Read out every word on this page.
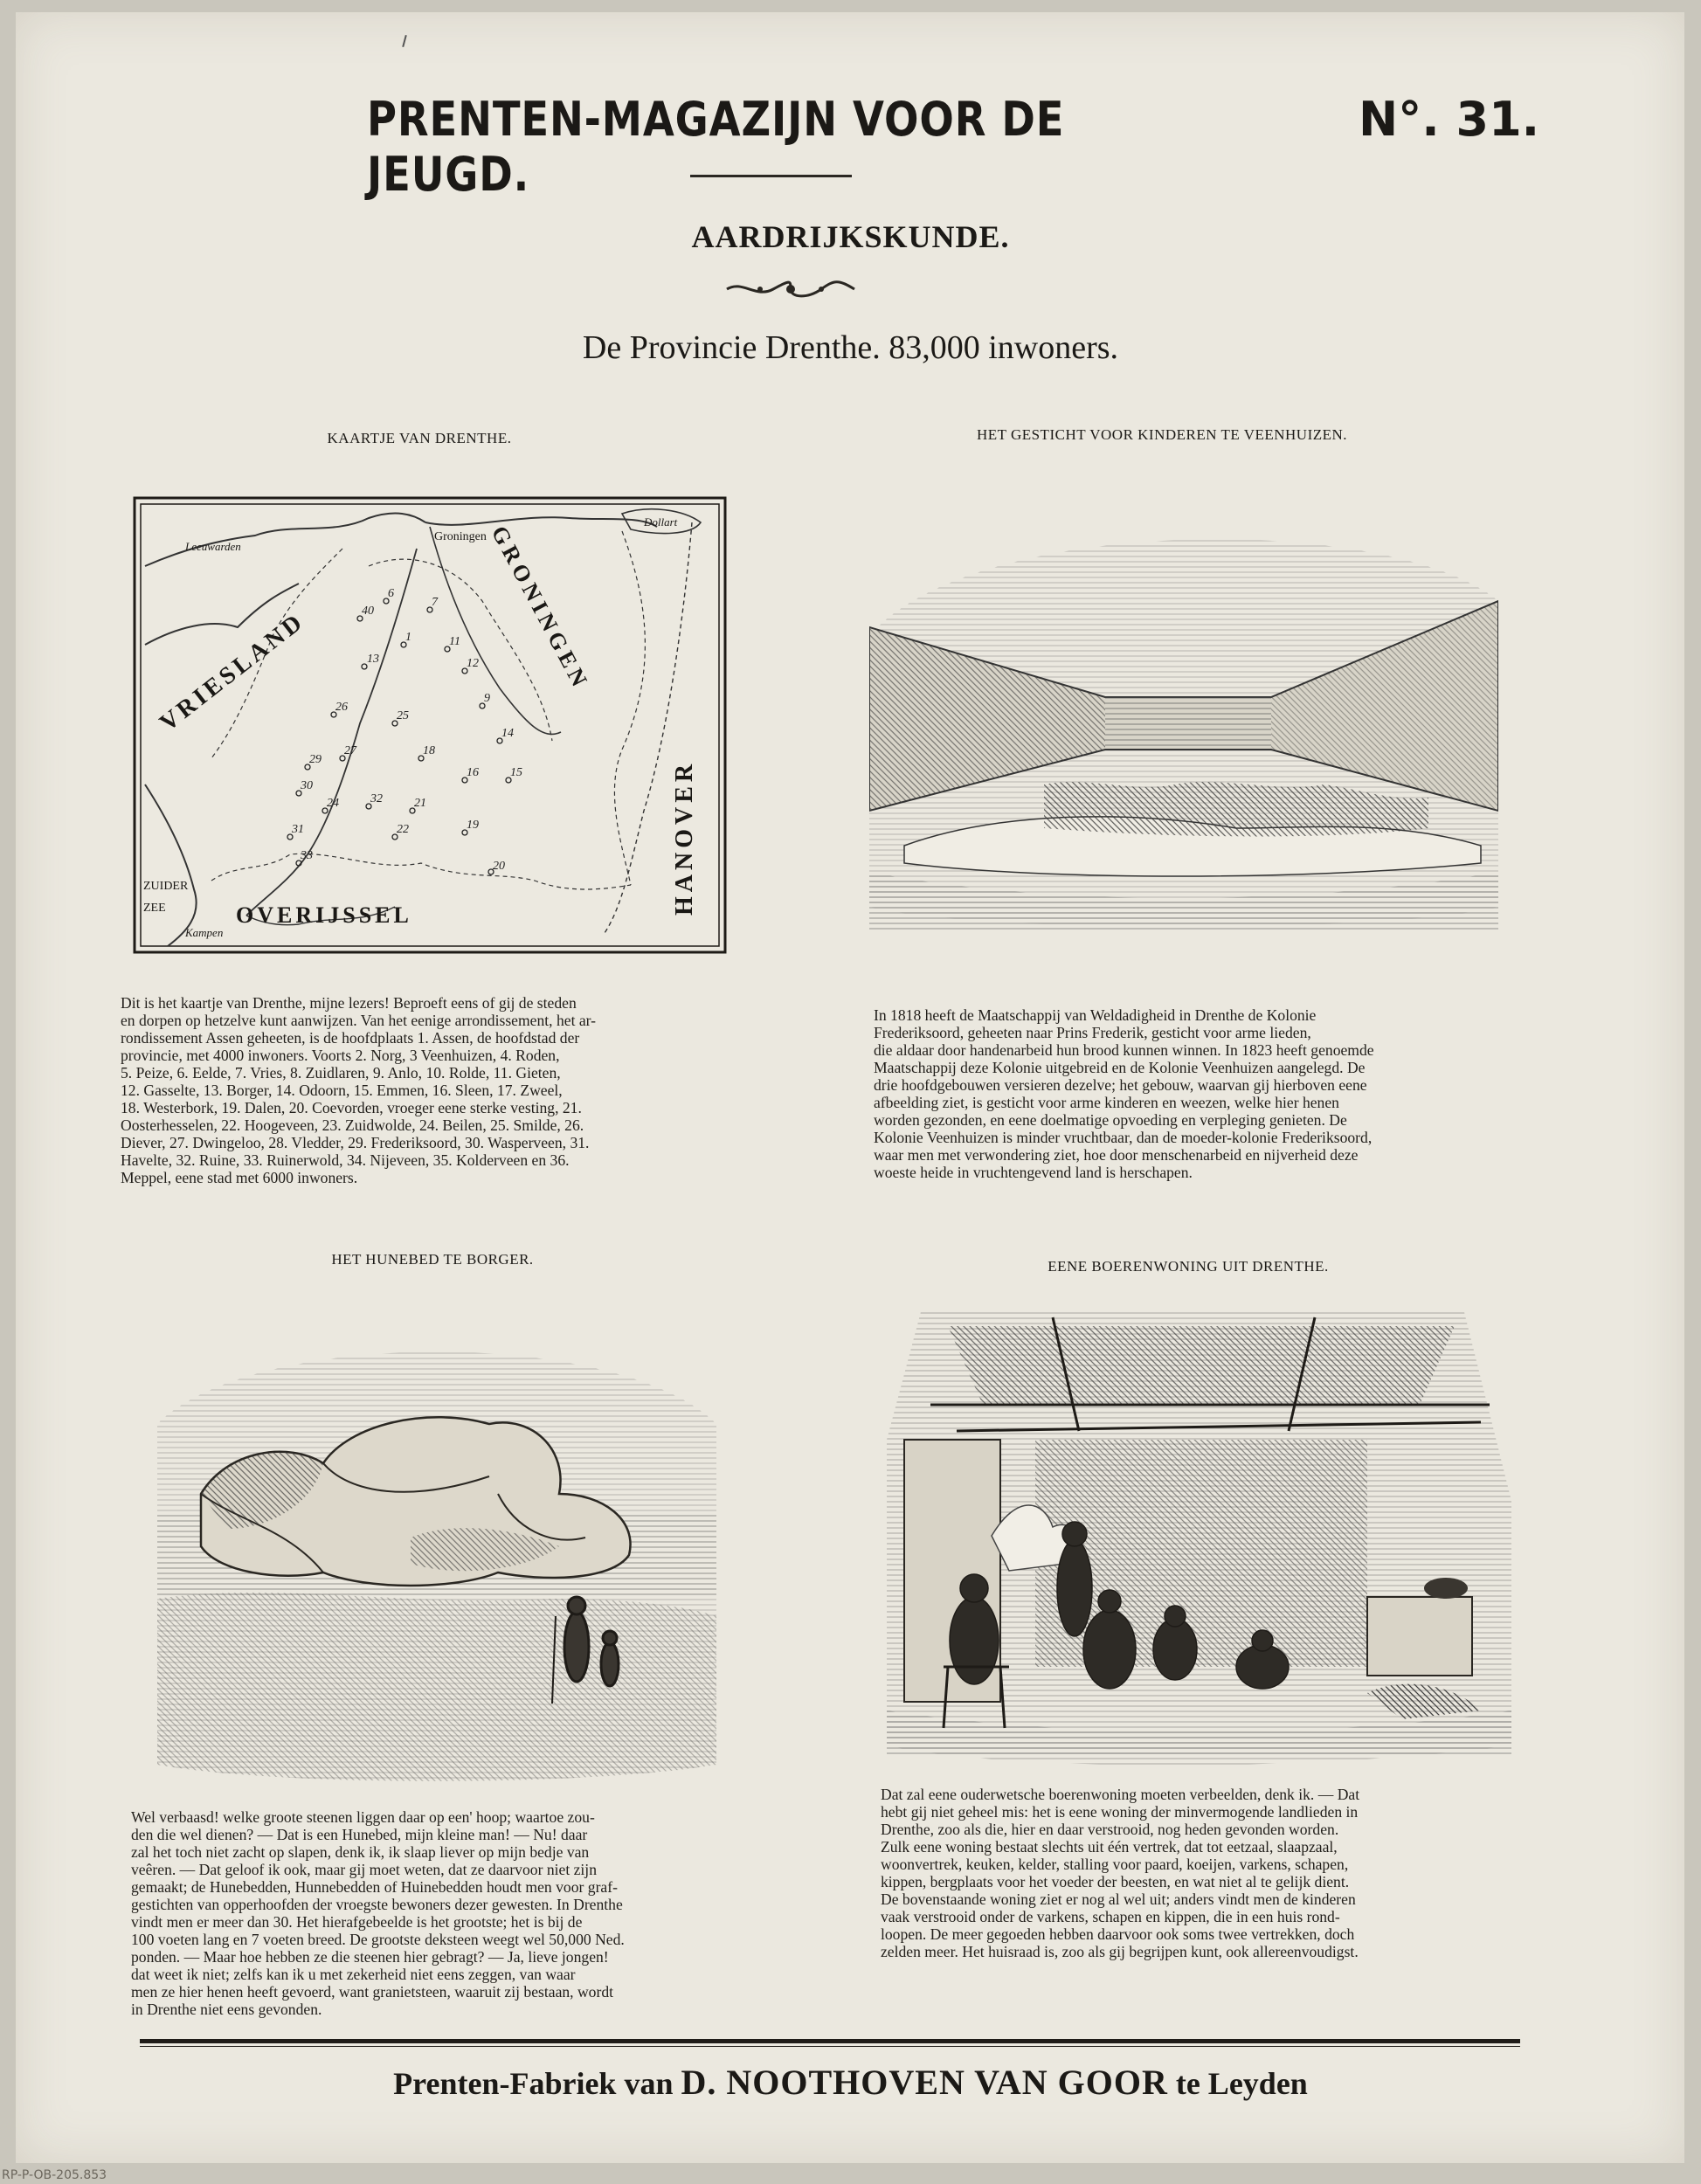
PRENTEN-MAGAZIJN VOOR DE JEUGD.
N°. 31.
AARDRIJKSKUNDE.
De Provincie Drenthe. 83,000 inwoners.
KAARTJE VAN DRENTHE.
13
1
7
11
12
9
14
15
16
18
21
19
20
22
32
27
24
33
29
30
31
25
26
40
6
Leeuwarden
Groningen
Dollart
GRONINGEN
VRIESLAND
HANOVER
OVERIJSSEL
ZUIDER
ZEE
Kampen
Dit is het kaartje van Drenthe, mijne lezers! Beproeft eens of gij de steden
en dorpen op hetzelve kunt aanwijzen. Van het eenige arrondissement, het ar-
rondissement Assen geheeten, is de hoofdplaats 1. Assen, de hoofdstad der
provincie, met 4000 inwoners. Voorts 2. Norg, 3 Veenhuizen, 4. Roden,
5. Peize, 6. Eelde, 7. Vries, 8. Zuidlaren, 9. Anlo, 10. Rolde, 11. Gieten,
12. Gasselte, 13. Borger, 14. Odoorn, 15. Emmen, 16. Sleen, 17. Zweel,
18. Westerbork, 19. Dalen, 20. Coevorden, vroeger eene sterke vesting, 21.
Oosterhesselen, 22. Hoogeveen, 23. Zuidwolde, 24. Beilen, 25. Smilde, 26.
Diever, 27. Dwingeloo, 28. Vledder, 29. Frederiksoord, 30. Wasperveen, 31.
Havelte, 32. Ruine, 33. Ruinerwold, 34. Nijeveen, 35. Kolderveen en 36.
Meppel, eene stad met 6000 inwoners.
HET GESTICHT VOOR KINDEREN TE VEENHUIZEN.
In 1818 heeft de Maatschappij van Weldadigheid in Drenthe de Kolonie
Frederiksoord, geheeten naar Prins Frederik, gesticht voor arme lieden,
die aldaar door handenarbeid hun brood kunnen winnen. In 1823 heeft genoemde
Maatschappij deze Kolonie uitgebreid en de Kolonie Veenhuizen aangelegd. De
drie hoofdgebouwen versieren dezelve; het gebouw, waarvan gij hierboven eene
afbeelding ziet, is gesticht voor arme kinderen en weezen, welke hier henen
worden gezonden, en eene doelmatige opvoeding en verpleging genieten. De
Kolonie Veenhuizen is minder vruchtbaar, dan de moeder-kolonie Frederiksoord,
waar men met verwondering ziet, hoe door menschenarbeid en nijverheid deze
woeste heide in vruchtengevend land is herschapen.
HET HUNEBED TE BORGER.
Wel verbaasd! welke groote steenen liggen daar op een' hoop; waartoe zou-
den die wel dienen? — Dat is een Hunebed, mijn kleine man! — Nu! daar
zal het toch niet zacht op slapen, denk ik, ik slaap liever op mijn bedje van
veêren. — Dat geloof ik ook, maar gij moet weten, dat ze daarvoor niet zijn
gemaakt; de Hunebedden, Hunnebedden of Huinebedden houdt men voor graf-
gestichten van opperhoofden der vroegste bewoners dezer gewesten. In Drenthe
vindt men er meer dan 30. Het hierafgebeelde is het grootste; het is bij de
100 voeten lang en 7 voeten breed. De grootste deksteen weegt wel 50,000 Ned.
ponden. — Maar hoe hebben ze die steenen hier gebragt? — Ja, lieve jongen!
dat weet ik niet; zelfs kan ik u met zekerheid niet eens zeggen, van waar
men ze hier henen heeft gevoerd, want granietsteen, waaruit zij bestaan, wordt
in Drenthe niet eens gevonden.
EENE BOERENWONING UIT DRENTHE.
Dat zal eene ouderwetsche boerenwoning moeten verbeelden, denk ik. — Dat
hebt gij niet geheel mis: het is eene woning der minvermogende landlieden in
Drenthe, zoo als die, hier en daar verstrooid, nog heden gevonden worden.
Zulk eene woning bestaat slechts uit één vertrek, dat tot eetzaal, slaapzaal,
woonvertrek, keuken, kelder, stalling voor paard, koeijen, varkens, schapen,
kippen, bergplaats voor het voeder der beesten, en wat niet al te gelijk dient.
De bovenstaande woning ziet er nog al wel uit; anders vindt men de kinderen
vaak verstrooid onder de varkens, schapen en kippen, die in een huis rond-
loopen. De meer gegoeden hebben daarvoor ook soms twee vertrekken, doch
zelden meer. Het huisraad is, zoo als gij begrijpen kunt, ook allereenvoudigst.
Prenten-Fabriek van D. NOOTHOVEN VAN GOOR te Leyden
RP-P-OB-205.853
